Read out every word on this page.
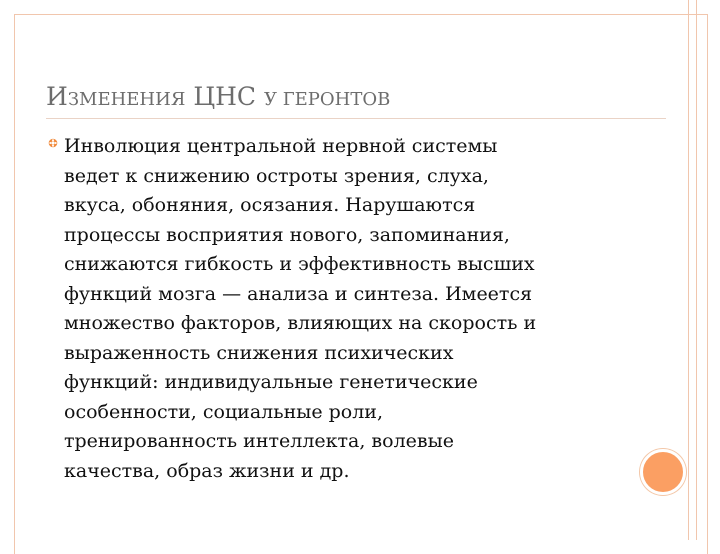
ИЗМЕНЕНИЯ ЦНС У ГЕРОНТОВ
Инволюция центральной нервной системы
ведет к снижению остроты зрения, слуха,
вкуса, обоняния, осязания. Нарушаются
процессы восприятия нового, запоминания,
снижаются гибкость и эффективность высших
функций мозга — анализа и синтеза. Имеется
множество факторов, влияющих на скорость и
выраженность снижения психических
функций: индивидуальные генетические
особенности, социальные роли,
тренированность интеллекта, волевые
качества, образ жизни и др.
